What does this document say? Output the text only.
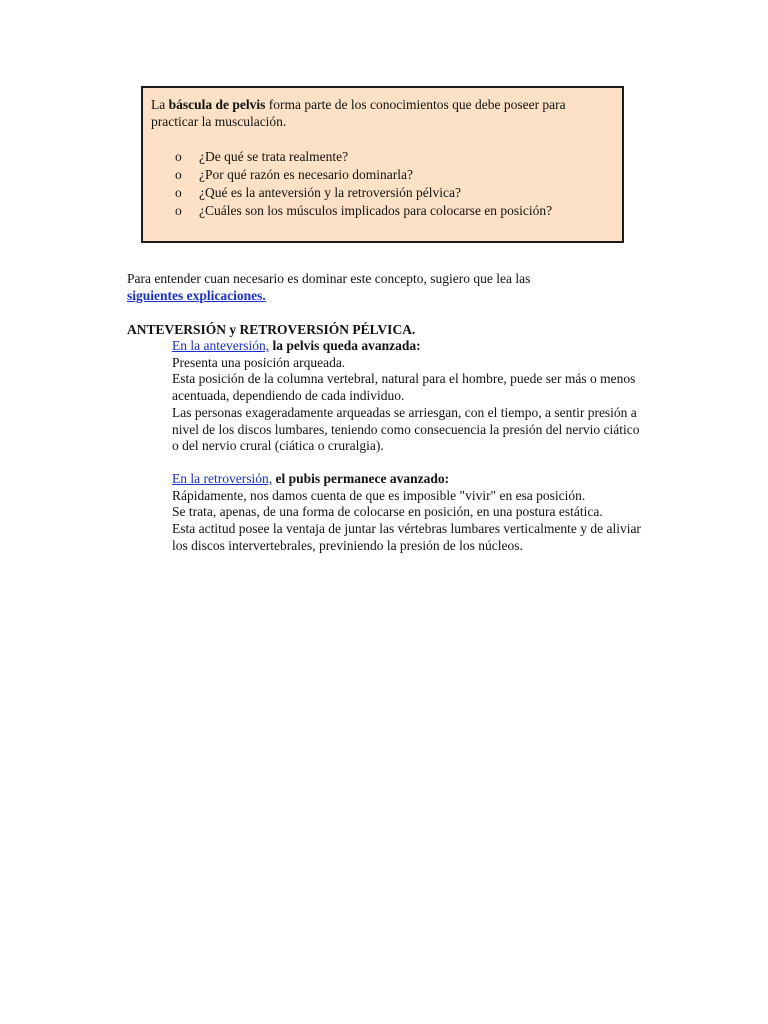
La báscula de pelvis forma parte de los conocimientos que debe poseer para practicar la musculación.
o	¿De qué se trata realmente?
o	¿Por qué razón es necesario dominarla?
o	¿Qué es la anteversión y la retroversión pélvica?
o	¿Cuáles son los músculos implicados para colocarse en posición?
Para entender cuan necesario es dominar este concepto, sugiero que lea las
siguientes explicaciones.
ANTEVERSIÓN y RETROVERSIÓN PÉLVICA.

En la anteversión, la pelvis queda avanzada:

Presenta una posición arqueada.

Esta posición de la columna vertebral, natural para el hombre, puede ser más o menos acentuada, dependiendo de cada individuo.

Las personas exageradamente arqueadas se arriesgan, con el tiempo, a sentir presión a nivel de los discos lumbares, teniendo como consecuencia la presión del nervio ciático o del nervio crural (ciática o cruralgia).

En la retroversión, el pubis permanece avanzado:

Rápidamente, nos damos cuenta de que es imposible "vivir" en esa posición.

Se trata, apenas, de una forma de colocarse en posición, en una postura estática.

Esta actitud posee la ventaja de juntar las vértebras lumbares verticalmente y de aliviar los discos intervertebrales, previniendo la presión de los núcleos.
